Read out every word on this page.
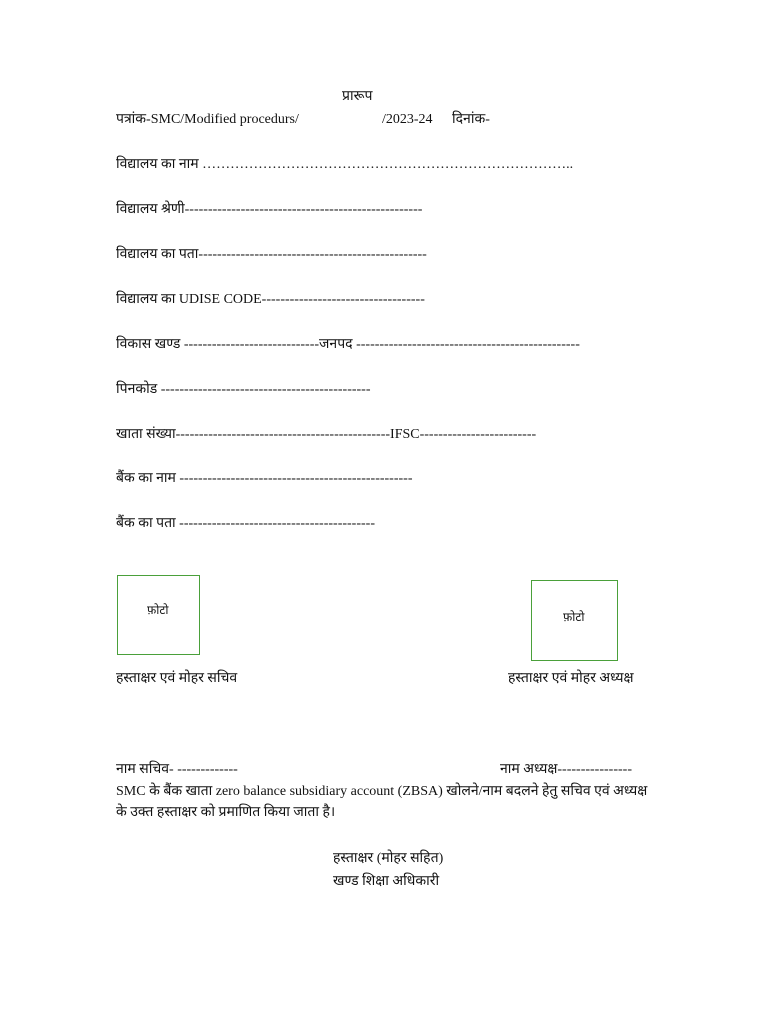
प्रारूप
पत्रांक-SMC/Modified procedurs/	/2023-24 दिनांक-
विद्यालय का नाम ……………………………………………………………………..
विद्यालय श्रेणी---------------------------------------------------
विद्यालय का पता-------------------------------------------------
विद्यालय का UDISE CODE-----------------------------------
विकास खण्ड -----------------------------जनपद ------------------------------------------------
पिनकोड ---------------------------------------------
खाता संख्या----------------------------------------------IFSC-------------------------
बैंक का नाम --------------------------------------------------
बैंक का पता ------------------------------------------
फ़ोटो	फ़ोटो
हस्ताक्षर एवं मोहर सचिव	हस्ताक्षर एवं मोहर अध्यक्ष
नाम सचिव- -------------	नाम अध्यक्ष----------------
SMC के बैंक खाता zero balance subsidiary account (ZBSA) खोलने/नाम बदलने हेतु सचिव एवं अध्यक्ष
के उक्त हस्ताक्षर को प्रमाणित किया जाता है।
हस्ताक्षर (मोहर सहित)
खण्ड शिक्षा अधिकारी
